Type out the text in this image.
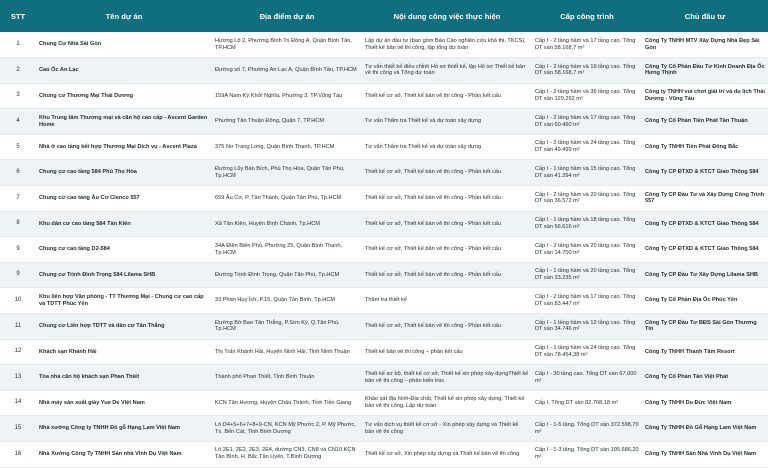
STT	Tên dự án	Địa điểm dự án	Nội dung công việc thực hiện	Cấp công trình	Chủ đầu tư
1	Chung Cư Nhà Sài Gòn	Hương Lộ 2, Phường Bình Trị Đông A, Quận Bình Tân, TP.HCM	Lập dự án đầu tư (bao gồm Báo Cáo nghiên cứu khả thi, TKCS), Thiết kế bản vẽ thi công, lập tổng dự toán	Cấp I - 2 tầng hầm và 17 tầng cao. Tổng DT sàn 58.168,7 m²	Công Ty TNHH MTV Xây Dựng Nhà Đẹp Sài Gòn
2	Cao Ốc An Lạc	Đường số 7, Phường An Lạc A, Quận Bình Tân, TP.HCM	Tư vấn thiết kế điều chỉnh Hồ sơ thiết kế, lập Hồ sơ Thiết kế bản vẽ thi công và Tổng dự toán	Cấp I - 2 tầng hầm và 19 tầng cao. Tổng DT sàn 58.168,7 m²	Công Ty Cổ Phần Đầu Tư Kinh Doanh Địa Ốc Hưng Thịnh
3	Chung cư Thương Mại Thái Dương	159A Nam Kỳ Khởi Nghĩa, Phường 3, TP.Vũng Tàu	Thiết kế cơ sở, Thiết kế bản vẽ thi công - Phần kết cấu	Cấp I - 2 tầng hầm và 36 tầng cao. Tổng DT sàn 129.292 m²	Công ty TNHH vui chơi giải trí và du lịch Thái Dương - Vũng Tàu
4	Khu Trung tâm Thương mại và căn hộ cao cấp - Ascent Garden Home	Phường Tân Thuận Đông, Quận 7, TP.HCM	Tư vấn Thẩm tra Thiết kế và dự toán xây dựng	Cấp I - 2 tầng hầm và 17 tầng cao. Tổng DT sàn 60.460 m²	Công Ty Cổ Phần Tiến Phát Tân Thuận
5	Nhà ở cao tầng kết hợp Thương Mại Dịch vụ - Ascent Plaza	375 Nơ Trang Long, Quận Bình Thạnh, TP.HCM	Tư vấn Thẩm tra Thiết kế và dự toán xây dựng	Cấp I - 2 tầng hầm và 24 tầng cao. Tổng DT sàn 49.499 m²	Công Ty TNHH Tiến Phát Đông Bắc
6	Chung cư cao tầng 584 Phú Thọ Hòa	Đường Lũy Bán Bích, Phú Thọ Hòa, Quận Tân Phú, Tp.HCM	Thiết kế cơ sở, Thiết kế bản vẽ thi công - Phần kết cấu	Cấp I - 1 tầng hầm và 15 tầng cao. Tổng DT sàn 41.394 m²	Công Ty CP ĐTXD & KTCT Giao Thông 584
7	Chung cư cao tầng Âu Cơ Cienco 557	659 Âu Cơ, P. Tân Thành, Quận Tân Phú, Tp.HCM	Thiết kế cơ sở, Thiết kế bản vẽ thi công - Phần kết cấu	Cấp I - 2 tầng hầm và 20 tầng cao. Tổng DT sàn 36.572 m²	Công Ty CP Đầu Tư và Xây Dựng Công Trình 557
8	Khu dân cư cao tầng 584 Tân Kiên	Xã Tân Kiên, Huyện Bình Chánh, Tp.HCM	Thiết kế cơ sở, Thiết kế bản vẽ thi công - Phần kết cấu	Cấp I - 1 tầng hầm và 18 tầng cao. Tổng DT sàn 56.616 m²	Công Ty CP ĐTXD & KTCT Giao Thông 584
9	Chung cư cao tầng D2-584	34A Điện Biên Phủ, Phường 25, Quận Bình Thạnh, Tp.HCM	Thiết kế cơ sở, Thiết kế bản vẽ thi công - Phần kết cấu	Cấp I - 2 tầng hầm và 20 tầng cao. Tổng DT sàn 14.700 m²	Công Ty CP ĐTXD & KTCT Giao Thông 584
9	Chung cư Trịnh Đình Trọng 584 Lilama SHB	Đường Trịnh Đình Trọng, Quận Tân Phú, Tp.HCM	Thiết kế cơ sở, Thiết kế bản vẽ thi công - Phần kết cấu	Cấp I - 1 tầng hầm và 20 tầng cao. Tổng DT sàn 33.235 m²	Công Ty CP Đầu Tư Xây Dựng Lilama SHB
10	Khu liên hợp Văn phòng - TT Thương Mại - Chung cư cao cấp và TDTT Phúc Yên	33 Phan Huy Ích, P.15, Quận Tân Bình, Tp.HCM	Thẩm tra thiết kế	Cấp I - 2 tầng hầm và 17 tầng cao. Tổng DT sàn 83.447 m²	Công Ty Cổ Phần Địa Ốc Phúc Yên
11	Chung cư Liên hợp TDTT và dân cư Tân Thắng	Đường Bờ Bao Tân Thắng, P.Sơn Kỳ, Q.Tân Phú, Tp.HCM	Thiết kế cơ sở, Thiết kế bản vẽ thi công - Phần kết cấu	Cấp I - 1 tầng hầm và 12 tầng cao. Tổng DT sàn 34.746 m²	Công Ty CP Đầu Tư BĐS Sài Gòn Thương Tín
12	Khách sạn Khánh Hải	Thị Trấn Khánh Hải, Huyện Ninh Hải, Tỉnh Ninh Thuận	Thiết kế bản vẽ thi công – phần kết cấu	Cấp I - 1 tầng hầm và 24 tầng cao. Tổng DT sàn 78.454,38 m²	Công Ty TNHH Thanh Tâm Resort
13	Tòa nhà căn hộ khách sạn Phan Thiết	Thành phố Phan Thiết, Tỉnh Bình Thuận	Thiết kế sơ bộ, thiết kế cơ sở, Thiết kế xin phép xây dựngThiết kế bản vẽ thi công – phần kiến trúc	Cấp I - 30 tầng cao. Tổng DT sàn 67.000 m²	Công Ty Cổ Phần Tân Việt Phát
14	Nhà máy sản xuất giày Yue De Việt Nam	KCN Tân Hương, Huyện Châu Thành, Tỉnh Tiền Giang	Khảo sát địa hình-Địa chất, Thiết kế xin phép xây dựng, Thiết kế bản vẽ thi công, Lập dự toán	Cấp I. Tổng DT sàn 82.768,18 m²	Công Ty TNHH Du Đức Việt Nam
15	Nhà xưởng Công ty TNHH Đồ gỗ Hạng Lam Việt Nam	Lô D4+5+6+7+8+9-CN, KCN Mỹ Phước 2, P. Mỹ Phước, Tx. Bến Cát, Tỉnh Bình Dương	Tư vấn dịch vụ thiết kế cơ sở - Xin phép xây dựng và Thiết kế bản vẽ thi công	Cấp I - 1-5 tầng. Tổng DT sàn 372.598,70 m²	Công Ty TNHH Đồ Gỗ Hạng Lam Việt Nam
16	Nhà Xưởng Công Ty TNHH Sản nhà Vinh Dụ Việt Nam	Lô 2E1, 2E2, 2E3, 2E4, đường CN3, CN8 và CN10 KCN Tân Bình, H. Bắc Tân Uyên, T.Bình Dương	Thiết kế cơ sở, Xin phép xây dựng và Thiết kế bản vẽ thi công	Cấp I - 1-3 tầng. Tổng DT sàn 105.686,20 m²	Công Ty TNHH Sản Nhà Vinh Dụ Việt Nam
